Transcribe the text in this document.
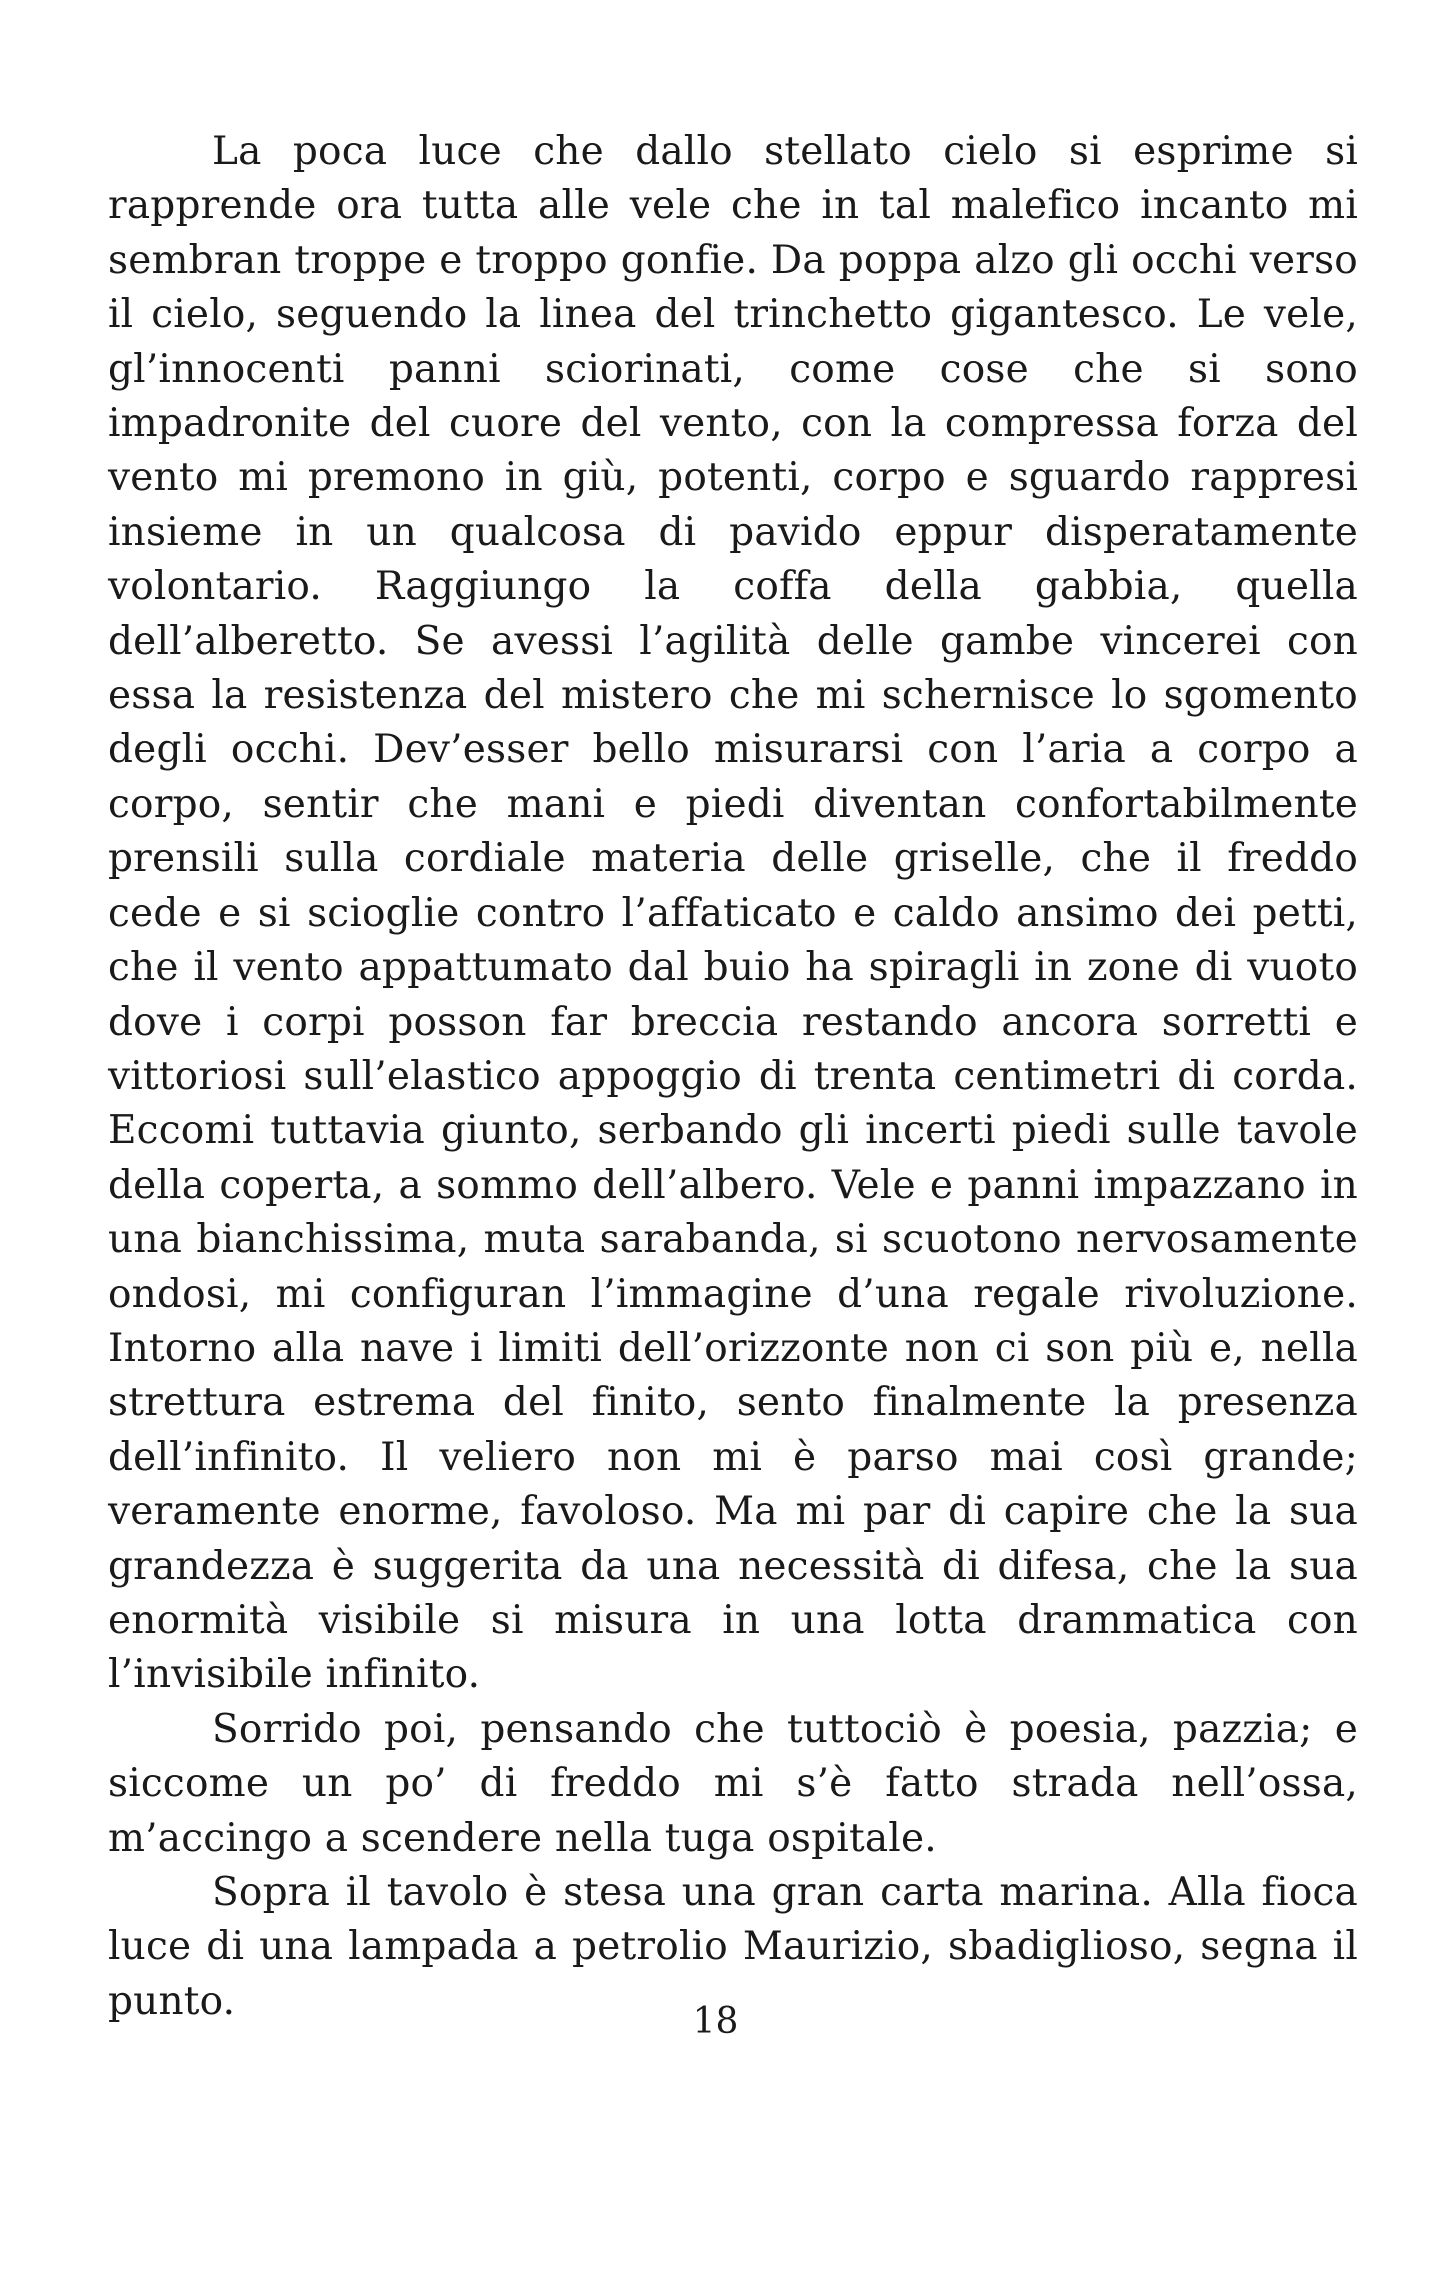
La poca luce che dallo stellato cielo si esprime si rapprende ora tutta alle vele che in tal malefico incanto mi sembran troppe e troppo gonfie. Da poppa alzo gli occhi verso il cielo, seguendo la linea del trinchetto gigantesco. Le vele, gl’innocenti panni sciorinati, come cose che si sono impadronite del cuore del vento, con la compressa forza del vento mi premono in giù, potenti, corpo e sguardo rappresi insieme in un qualcosa di pavido eppur disperatamente volontario. Raggiungo la coffa della gabbia, quella dell’alberetto. Se avessi l’agilità delle gambe vincerei con essa la resistenza del mistero che mi schernisce lo sgomento degli occhi. Dev’esser bello misurarsi con l’aria a corpo a corpo, sentir che mani e piedi diventan confortabilmente prensili sulla cordiale materia delle griselle, che il freddo cede e si scioglie contro l’affaticato e caldo ansimo dei petti, che il vento appattumato dal buio ha spiragli in zone di vuoto dove i corpi posson far breccia restando ancora sorretti e vittoriosi sull’elastico appoggio di trenta centimetri di corda. Eccomi tuttavia giunto, serbando gli incerti piedi sulle tavole della coperta, a sommo dell’albero. Vele e panni impazzano in una bianchissima, muta sarabanda, si scuotono nervosamente ondosi, mi configuran l’immagine d’una regale rivoluzione. Intorno alla nave i limiti dell’orizzonte non ci son più e, nella strettura estrema del finito, sento finalmente la presenza dell’infinito. Il veliero non mi è parso mai così grande; veramente enorme, favoloso. Ma mi par di capire che la sua grandezza è suggerita da una necessità di difesa, che la sua enormità visibile si misura in una lotta drammatica con l’invisibile infinito.

Sorrido poi, pensando che tuttociò è poesia, pazzia; e siccome un po’ di freddo mi s’è fatto strada nell’ossa, m’accingo a scendere nella tuga ospitale.

Sopra il tavolo è stesa una gran carta marina. Alla fioca luce di una lampada a petrolio Maurizio, sbadiglioso, segna il punto.	18
